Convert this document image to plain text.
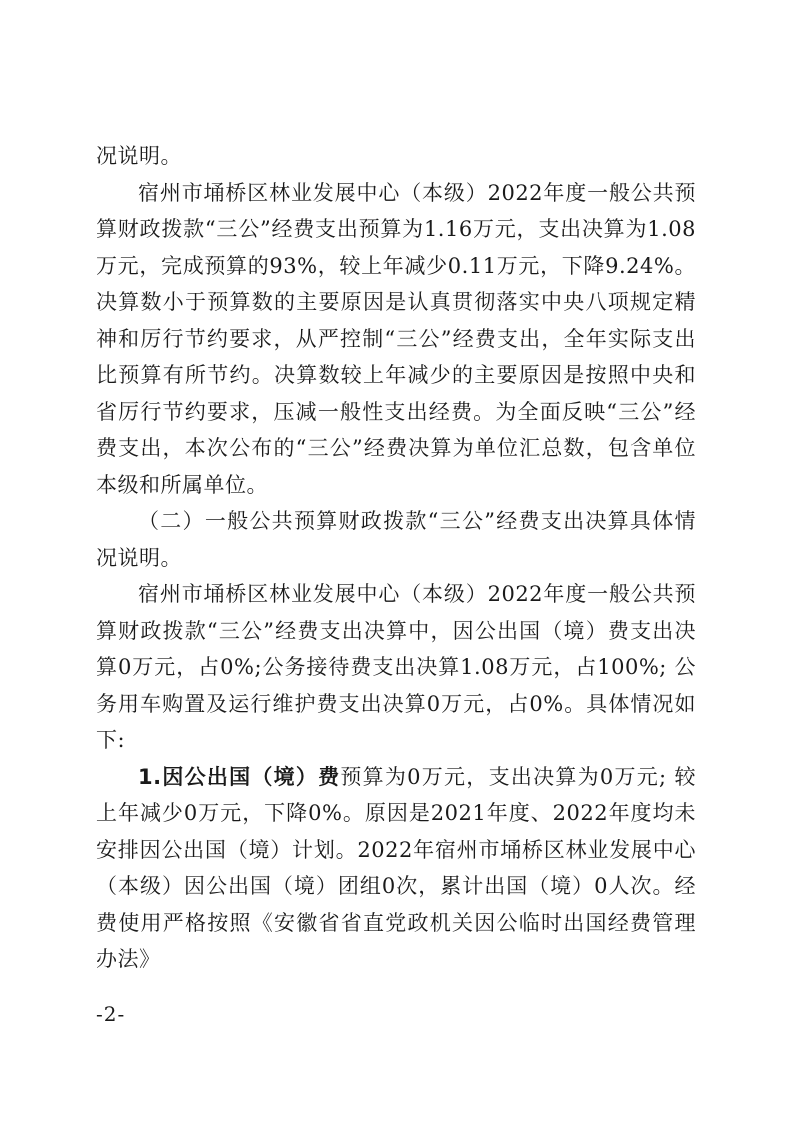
况说明。

宿州市埇桥区林业发展中心（本级）2022年度一般公共预算财政拨款“三公”经费支出预算为1.16万元，支出决算为1.08万元，完成预算的93%，较上年减少0.11万元，下降9.24%。决算数小于预算数的主要原因是认真贯彻落实中央八项规定精神和厉行节约要求，从严控制“三公”经费支出，全年实际支出比预算有所节约。决算数较上年减少的主要原因是按照中央和省厉行节约要求，压减一般性支出经费。为全面反映“三公”经费支出，本次公布的“三公”经费决算为单位汇总数，包含单位本级和所属单位。

（二）一般公共预算财政拨款“三公”经费支出决算具体情况说明。

宿州市埇桥区林业发展中心（本级）2022年度一般公共预算财政拨款“三公”经费支出决算中，因公出国（境）费支出决算0万元，占0%;公务接待费支出决算1.08万元，占100%; 公务用车购置及运行维护费支出决算0万元，占0%。具体情况如下:

1.因公出国（境）费预算为0万元，支出决算为0万元; 较上年减少0万元，下降0%。原因是2021年度、2022年度均未安排因公出国（境）计划。2022年宿州市埇桥区林业发展中心（本级）因公出国（境）团组0次，累计出国（境）0人次。经费使用严格按照《安徽省省直党政机关因公临时出国经费管理办法》

-2-
